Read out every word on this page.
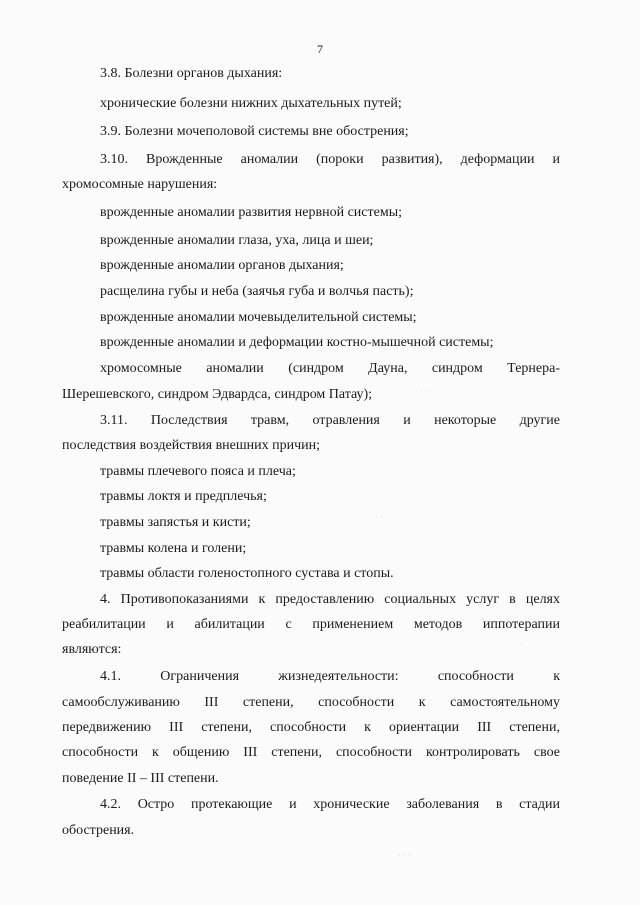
7
3.8. Болезни органов дыхания:
хронические болезни нижних дыхательных путей;
3.9. Болезни мочеполовой системы вне обострения;
3.10. Врожденные аномалии (пороки развития), деформации и
хромосомные нарушения:
врожденные аномалии развития нервной системы;
врожденные аномалии глаза, уха, лица и шеи;
врожденные аномалии органов дыхания;
расщелина губы и неба (заячья губа и волчья пасть);
врожденные аномалии мочевыделительной системы;
врожденные аномалии и деформации костно-мышечной системы;
хромосомные аномалии (синдром Дауна, синдром Тернера-
Шерешевского, синдром Эдвардса, синдром Патау);
3.11. Последствия травм, отравления и некоторые другие
последствия воздействия внешних причин;
травмы плечевого пояса и плеча;
травмы локтя и предплечья;
травмы запястья и кисти;
травмы колена и голени;
травмы области голеностопного сустава и стопы.
4. Противопоказаниями к предоставлению социальных услуг в целях
реабилитации и абилитации с применением методов иппотерапии
являются:
4.1. Ограничения жизнедеятельности: способности к
самообслуживанию III степени, способности к самостоятельному
передвижению III степени, способности к ориентации III степени,
способности к общению III степени, способности контролировать свое
поведение II – III степени.
4.2. Остро протекающие и хронические заболевания в стадии
обострения.
· ·
·· ·
·
· · ·
